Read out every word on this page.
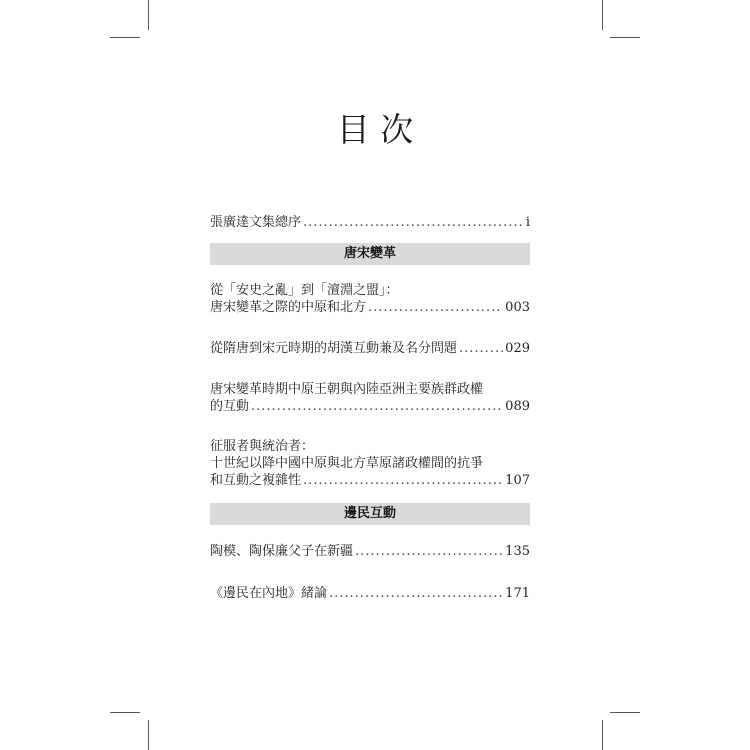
目 次
張廣達文集總序 .....	i
唐宋變革
從「安史之亂」到「澶淵之盟」：
唐宋變革之際的中原和北方 .....	003
從隋唐到宋元時期的胡漢互動兼及名分問題 .....	029
唐宋變革時期中原王朝與內陸亞洲主要族群政權
的互動 .....	089
征服者與統治者：
十世紀以降中國中原與北方草原諸政權間的抗爭
和互動之複雜性 .....	107
邊民互動
陶模、陶保廉父子在新疆 .....	135
《邊民在內地》緒論 .....	171
